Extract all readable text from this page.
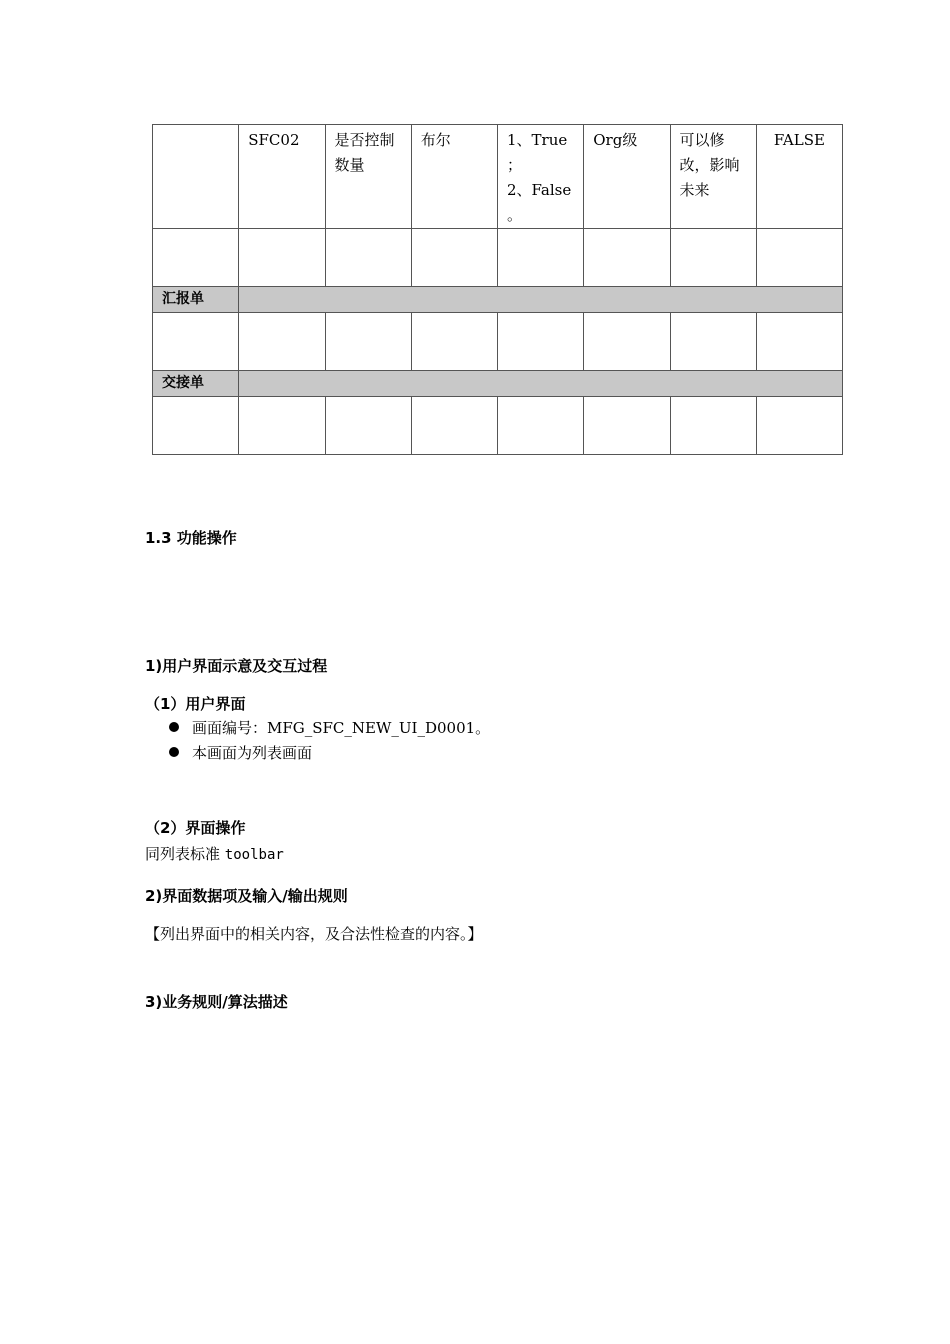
	SFC02	是否控制数量	布尔	1、True
；
2、False
。	Org级	可以修改，影响未来	FALSE

汇报单							

交接单							

1.3 功能操作
1)用户界面示意及交互过程
（1）用户界面
画面编号：MFG_SFC_NEW_UI_D0001。
本画面为列表画面
（2）界面操作
同列表标准 toolbar
2)界面数据项及输入/输出规则
【列出界面中的相关内容，及合法性检查的内容。】
3)业务规则/算法描述
